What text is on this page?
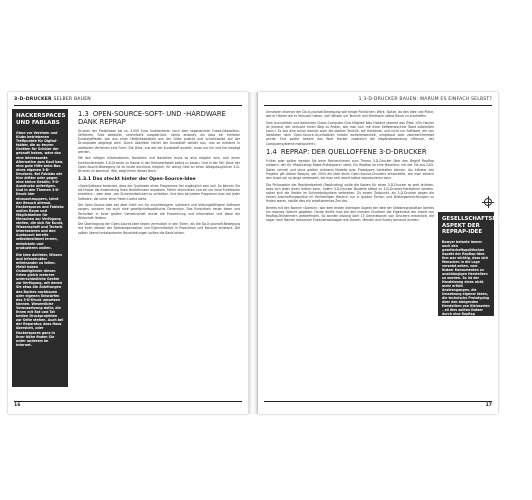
3-D-DRUCKER SELBER BAUEN
HACKERSPACES UND FABLABS
Ohne vor Vereinen und Klubs betriebenen Treffpunkte für Digital-fabber, die zu teuren Geräten für Schüler der gekauft haben, wäre das eine interessante Alternative zum Kauf bzw. eine gute Hilfe beim Bau eines eigenen 3-D-Druckers. Bei Fablabs wie hier dritter oder gegen eine kleine Gebühr, 3-D-Ausdrucke anfertigen. Und in den Themen 3-D-Druck hier einzuschnuppern, lohnt der Besuch allemal. Hackerspaces und Fablabs wollen Raum und Möglichkeiten für Menschen zur Verfügung stellen, die sich für Kunst, Wissenschaft und Technik interessieren und den Austausch bereits selbstbestimmt lernen, entwickeln und produzieren wollen.
Die Idee dahinter, Wissen und Infrastruktur miteinander zu teilen. Meist haben Clubmitglieder diesen Orten gleich mehrere unterschiedliche Geräte zur Verfügung, mit denen Sie etwa die Anleitungen des Buches nachbauen oder eigenen Entwürfen des 3-D-Druck umsetzen können. Wesentliche Voraussetzung dafür, die Ihnen mit Rat und Tat beiden Druckprojekten zur Seite stehen. Auch bei der Reparatur, dass Haus übersicht, oder Hackerspaces ganz in Ihrer Nähe finden Sie unter anderem im Internet.
1.3 OPEN-SOURCE-SOFT- UND -HARDWARE DANK REPRAP

Drucker der Preisklasse bis ca. 3.000 Euro funktionieren nach dem sogenannten Fused-Deposition-Verfahren. Dies bedeutet, vereinfacht ausgedrückt, nichts anderes, als dass ein erhitzter Kunststofffaden wie aus einer Heißklebepistole aus der Düse austritt und schichtweise auf der Druckplatte abgelegt wird. Durch Abkühlen härtet der Kunststoff wieder aus, und so entsteht in additivem Verfahren eine Form. Die Düse, aus der der Kunststoff austritt, muss nur hin und her bewegt werden.

Mit den nötigen Informationen, Bauteilen und Bauteilen muss es also möglich sein, sich einen funktionierenden 3-D-Drucker zu Hause in der Heimwerkstatt selbst zu bauen. Und in der Tat! Dank der Open-Source-Bewegung ist es heute durchaus möglich, für wenig Geld an einen alltagstauglichen 3-D-Drucker zu kommen. Wie, zeigt Ihnen dieses Buch.

1.3.1 Das steckt hinter der Open-Source-Idee

»OpenSoftware bedeutet, dass der Quellcode eines Programms frei zugänglich sein soll. So können Sie als Nutzer die Anwendung Ihren Bedürfnissen anpassen, Fehler eliminieren und sie um neue Funktionen erweitern – oder aber, von Sicherheitslücken zu schließen. Und dies bei jedem Programm bzw. bei jeder Software, die unter einer freien Lizenz steht.

Die Open-Source-Idee soll aber nicht nur für zuverlässigere, sicherere und leistungsfähigere Software sorgen, sondern hat auch eine gesellschaftspolitische Dimension. Das Entwickeln neuer Ideen und Techniken in einer großen Gemeinschaft wurde die Entwicklung und Information und diese die Wirtschaft fördern.

Die Übertragung der Open-Source-Idee liegen vermutlich in den 50ern, als die Do-it-yourself-Bewegung mit ihren idealen der Selbstorganisation und Eigeninitiative in Produktion und Konsum entstand. Die später überall entstandenen Bauanleitungen sollten die Basis bilden.

16
1 3-D-DRUCKER BAUEN: WARUM ES EINFACH SELBST?

Umsetzen diverser der Do-it-yourself-Bewegung wie einige Pünktchen: Werk, Spitze, da den Idee und Pläne, wie er Häcker die er Versucht haben, sich Wissen um Technik und Elektronik selbst Raum zu erschaffen.

Vom Journalisten und bekannter Chaos-Computer-Club Mitglied Wau Holland stammt das Zitat: »Ein Hacker ist jemand, der versucht einen Weg zu finden, wie man sich mit einer Kaffeemaschine Toast zubereiten kann.« Es war also schon damals auch die starken Technik, die Hardware, und nicht nur Software, die von Idealisten nach Open-Source-Grundsätzen kreativ weiterentwickelt, umgebaut oder zweckentfremdet wurde. Erst später bekam das Wort Hacker zusätzlich die Negativbedeutung »Mensch, der Computersysteme manipuliert«.

1.4 REPRAP: DER QUELLOFFENE 3-D-DRUCKER

Früher oder später werden Sie beim Recherchieren zum Thema 3-D-Drucker über den Begriff RepRap stolpern, der für »Replicating Rapid-Prototypers« steht. Ein RepRap ist eine Maschine, mit der Sie aus CAD-Daten schnell und ohne großen Aufwand Modelle bzw. Prototypen herstellen können. Als Initiator des Projekts gilt Adrian Bowyer, der 2004 die Idee eines Open-Source-Druckers entwickelte, wie man einfach den Ausdruck so lange verbessert, bis man sich damit selbst reproduzieren kann.

Die Philosophie der Replizierbarkeit (Replicating) sollte die Kosten für einen 3-D-Drucker so weit drücken, dass sich jeder einen leisten kann. Indem 3-D-Drucker Bauteile selbst zu 3-D-Drucker-Herstellern werden, sollen sich die Geräte im Schneeballsystem verbreiten. Zu einem Zeitpunkt, als 3-D-Drucker gegen die hohen Anschaffungspreise im fünfstelligen Bereich nur in großen Firmen und Bildungseinrichtungen zu finden waren, stellte dies ein ambitioniertes Ziel dar.

Bereits mit den Namen »Darwin«, war dem ersten wichtigen Aspekt der Idee der Selbstreproduktion bereits ein eigenes Gesicht gegeben. Heute dürfte man bei den meisten Druckern die Ergebnisse der Arbeit von RepRap-Teilnehmern wiederfinden. So wurden bislang über 15 Generationen von Druckern entwickelt, die sogar nach Namen bekannter Evolutionsbiologen wie Darwin, Mendel und Huxley benannt wurden.	GESELLSCHAFTSPOLITISCHER ASPEKT DER REPRAP-IDEE
Bowyer betonte immer auch den gesellschaftspolitischen Aspekt der RepRap-Idee. Ihm war wichtig, dass sich Menschen in die Lage versetzt sehen, vom Nutzer Konsumenten zu unabhängigen Herstellern zu werden. So ist der Handelsweg eines nicht mehr erfüllt Anstrengungen, die Umsetzung eigener Ideen, die technische Prototyping über den steigenden Herstellern von Kleinserien – all dies sollten Nutzer durch eine RepRap realisieren können.
17
